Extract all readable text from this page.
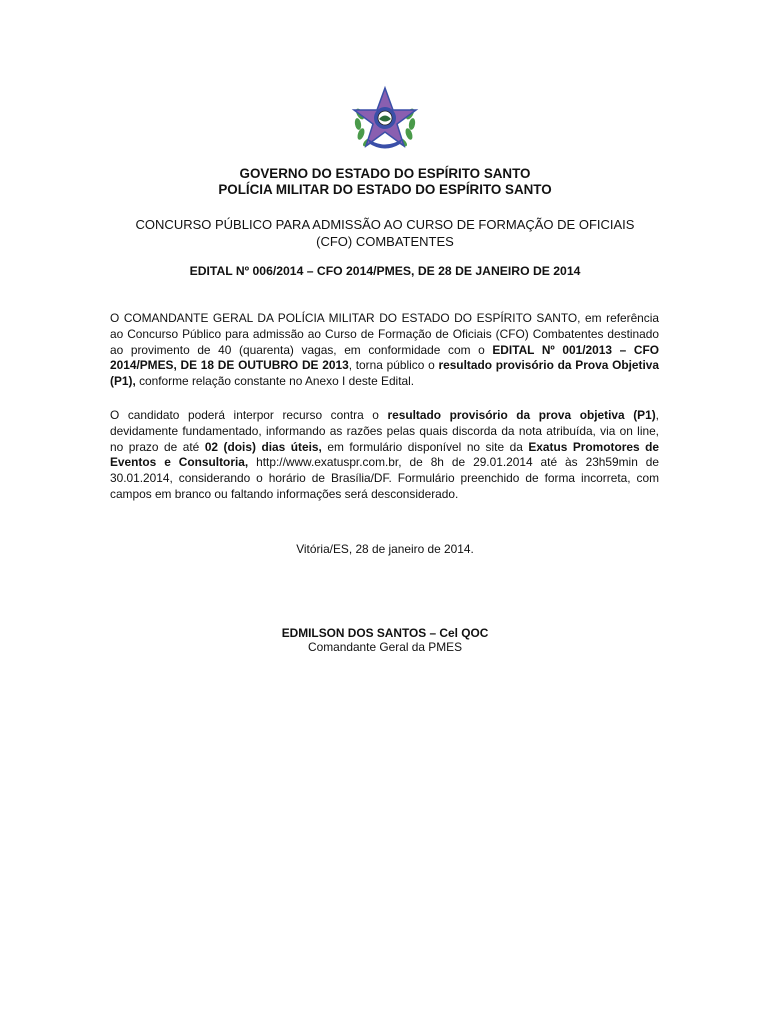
GOVERNO DO ESTADO DO ESPÍRITO SANTO
POLÍCIA MILITAR DO ESTADO DO ESPÍRITO SANTO
CONCURSO PÚBLICO PARA ADMISSÃO AO CURSO DE FORMAÇÃO DE OFICIAIS
(CFO) COMBATENTES
EDITAL Nº 006/2014 – CFO 2014/PMES, DE 28 DE JANEIRO DE 2014
O COMANDANTE GERAL DA POLÍCIA MILITAR DO ESTADO DO ESPÍRITO SANTO, em referência ao Concurso Público para admissão ao Curso de Formação de Oficiais (CFO) Combatentes destinado ao provimento de 40 (quarenta) vagas, em conformidade com o EDITAL Nº 001/2013 – CFO 2014/PMES, DE 18 DE OUTUBRO DE 2013, torna público o resultado provisório da Prova Objetiva (P1), conforme relação constante no Anexo I deste Edital.
O candidato poderá interpor recurso contra o resultado provisório da prova objetiva (P1), devidamente fundamentado, informando as razões pelas quais discorda da nota atribuída, via on line, no prazo de até 02 (dois) dias úteis, em formulário disponível no site da Exatus Promotores de Eventos e Consultoria, http://www.exatuspr.com.br, de 8h de 29.01.2014 até às 23h59min de 30.01.2014, considerando o horário de Brasília/DF. Formulário preenchido de forma incorreta, com campos em branco ou faltando informações será desconsiderado.
Vitória/ES, 28 de janeiro de 2014.
EDMILSON DOS SANTOS – Cel QOC
Comandante Geral da PMES
